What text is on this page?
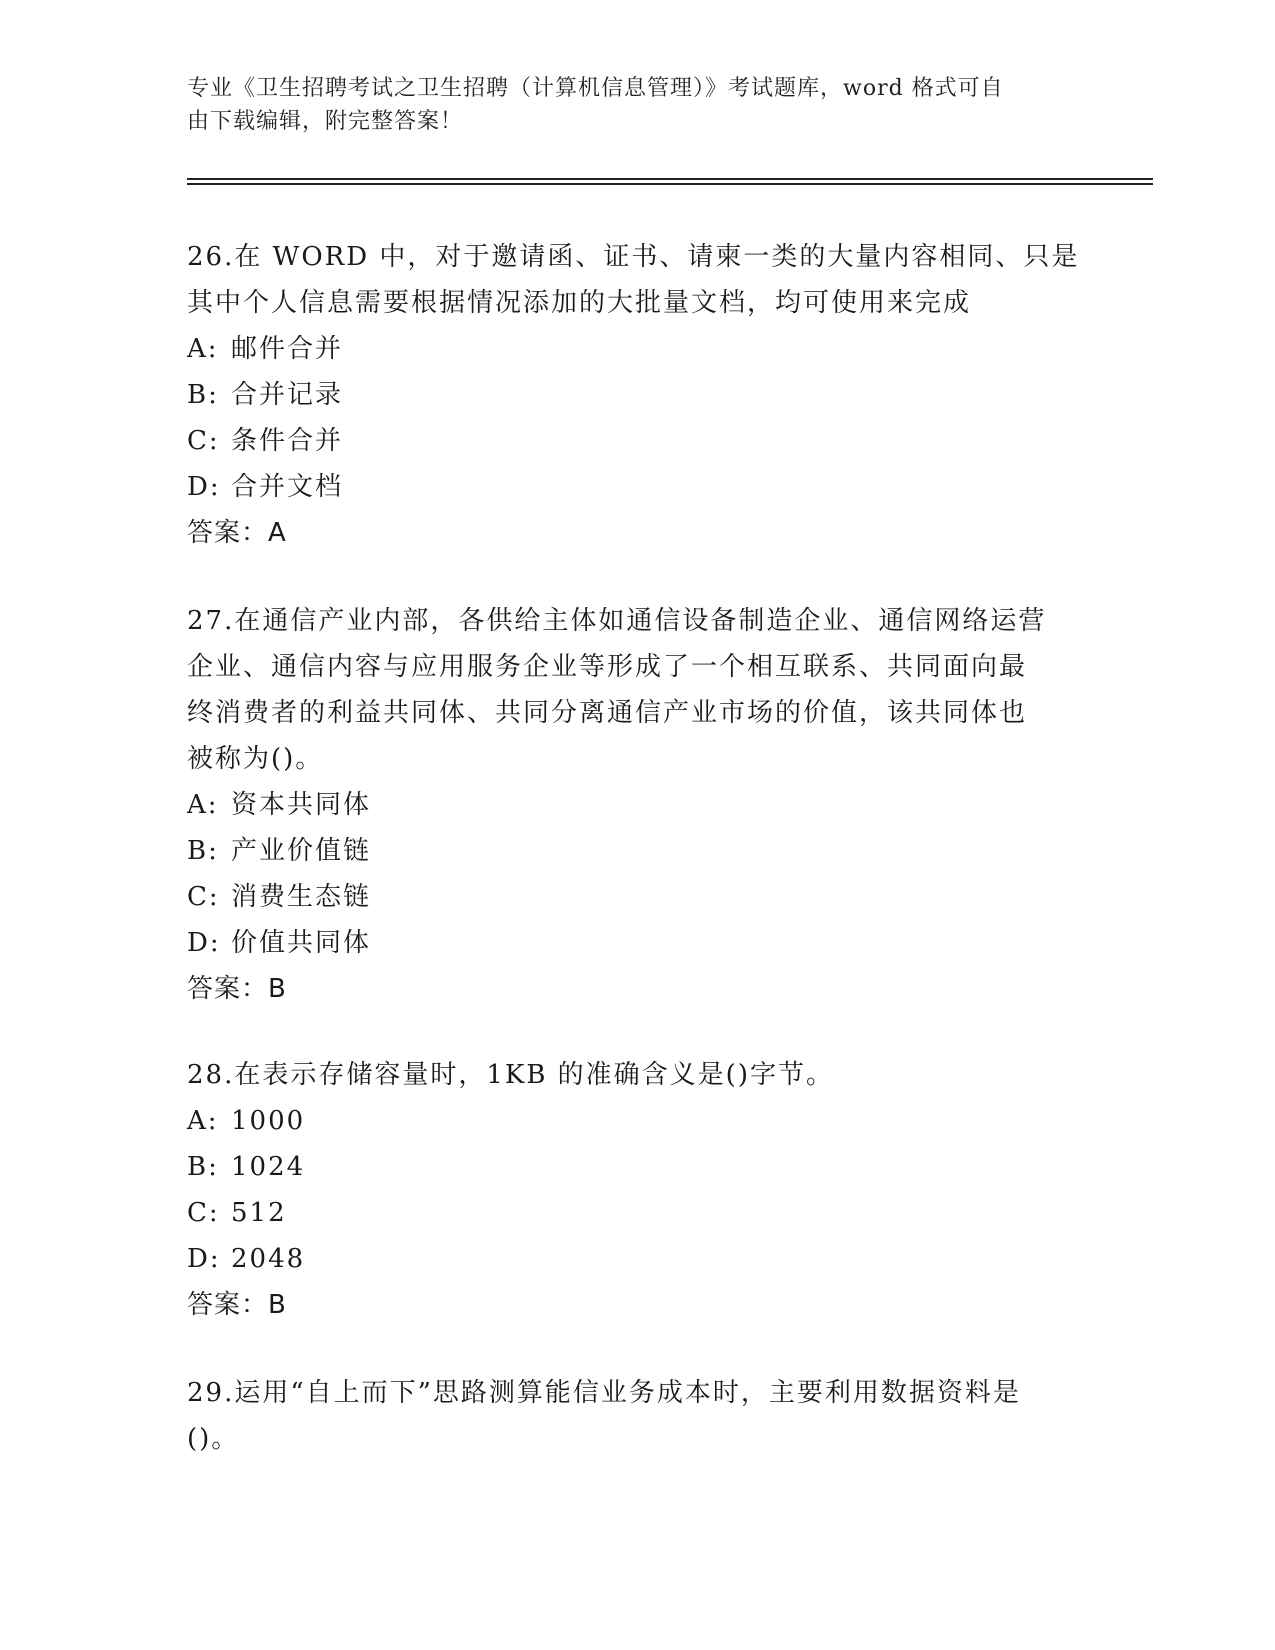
专业《卫生招聘考试之卫生招聘（计算机信息管理）》考试题库，word 格式可自
由下载编辑，附完整答案！

26.在 WORD 中，对于邀请函、证书、请柬一类的大量内容相同、只是

其中个人信息需要根据情况添加的大批量文档，均可使用来完成

A: 邮件合并

B: 合并记录

C: 条件合并

D: 合并文档

答案：A

27.在通信产业内部，各供给主体如通信设备制造企业、通信网络运营

企业、通信内容与应用服务企业等形成了一个相互联系、共同面向最

终消费者的利益共同体、共同分离通信产业市场的价值，该共同体也

被称为()。

A: 资本共同体

B: 产业价值链

C: 消费生态链

D: 价值共同体

答案：B

28.在表示存储容量时，1KB 的准确含义是()字节。

A: 1000

B: 1024

C: 512

D: 2048

答案：B

29.运用“自上而下”思路测算能信业务成本时，主要利用数据资料是

()。
